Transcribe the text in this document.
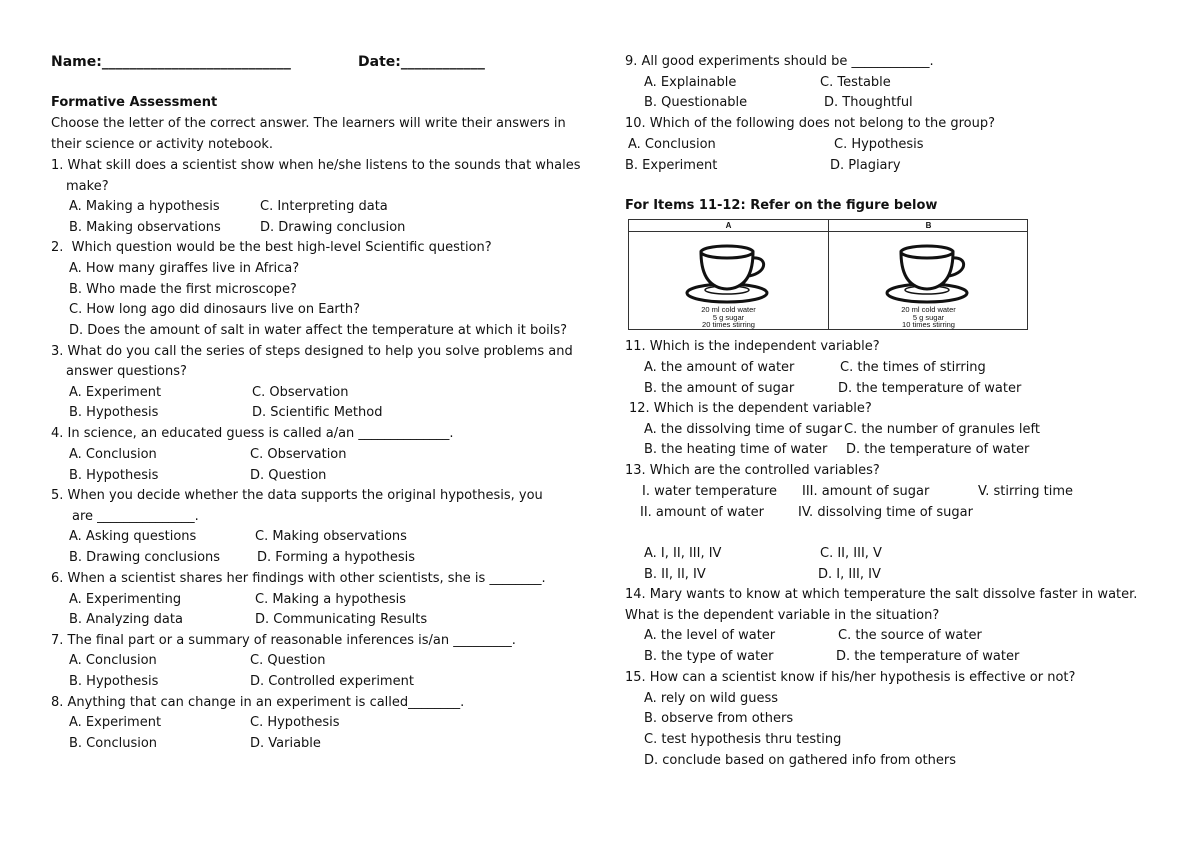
Name:___________________________	Date:____________
Formative Assessment
Choose the letter of the correct answer. The learners will write their answers in
their science or activity notebook.
1. What skill does a scientist show when he/she listens to the sounds that whales
make?
A. Making a hypothesis	C. Interpreting data
B. Making observations	D. Drawing conclusion
2.  Which question would be the best high-level Scientific question?
A. How many giraffes live in Africa?
B. Who made the first microscope?
C. How long ago did dinosaurs live on Earth?
D. Does the amount of salt in water affect the temperature at which it boils?
3. What do you call the series of steps designed to help you solve problems and
answer questions?
A. Experiment	C. Observation
B. Hypothesis	D. Scientific Method
4. In science, an educated guess is called a/an ______________.
A. Conclusion	C. Observation
B. Hypothesis	D. Question
5. When you decide whether the data supports the original hypothesis, you
are _______________.
A. Asking questions	C. Making observations
B. Drawing conclusions	D. Forming a hypothesis
6. When a scientist shares her findings with other scientists, she is ________.
A. Experimenting	C. Making a hypothesis
B. Analyzing data	D. Communicating Results
7. The final part or a summary of reasonable inferences is/an _________.
A. Conclusion	C. Question
B. Hypothesis	D. Controlled experiment
8. Anything that can change in an experiment is called________.
A. Experiment	C. Hypothesis
B. Conclusion	D. Variable
9. All good experiments should be ____________.
A. Explainable	C. Testable
B. Questionable	D. Thoughtful
10. Which of the following does not belong to the group?
A. Conclusion	C. Hypothesis
B. Experiment	D. Plagiary
For Items 11-12: Refer on the figure below
A
20 ml cold water
5 g sugar
20 times stirring
B
20 ml cold water
5 g sugar
10 times stirring
11. Which is the independent variable?
A. the amount of water	C. the times of stirring
B. the amount of sugar	D. the temperature of water
12. Which is the dependent variable?
A. the dissolving time of sugar C. the number of granules left
B. the heating time of water D. the temperature of water
13. Which are the controlled variables?
I. water temperature III. amount of sugar	V. stirring time
II. amount of water	IV. dissolving time of sugar
A. I, II, III, IV	C. II, III, V
B. II, II, IV	D. I, III, IV
14. Mary wants to know at which temperature the salt dissolve faster in water.
What is the dependent variable in the situation?
A. the level of water	C. the source of water
B. the type of water	D. the temperature of water
15. How can a scientist know if his/her hypothesis is effective or not?
A. rely on wild guess
B. observe from others
C. test hypothesis thru testing
D. conclude based on gathered info from others
